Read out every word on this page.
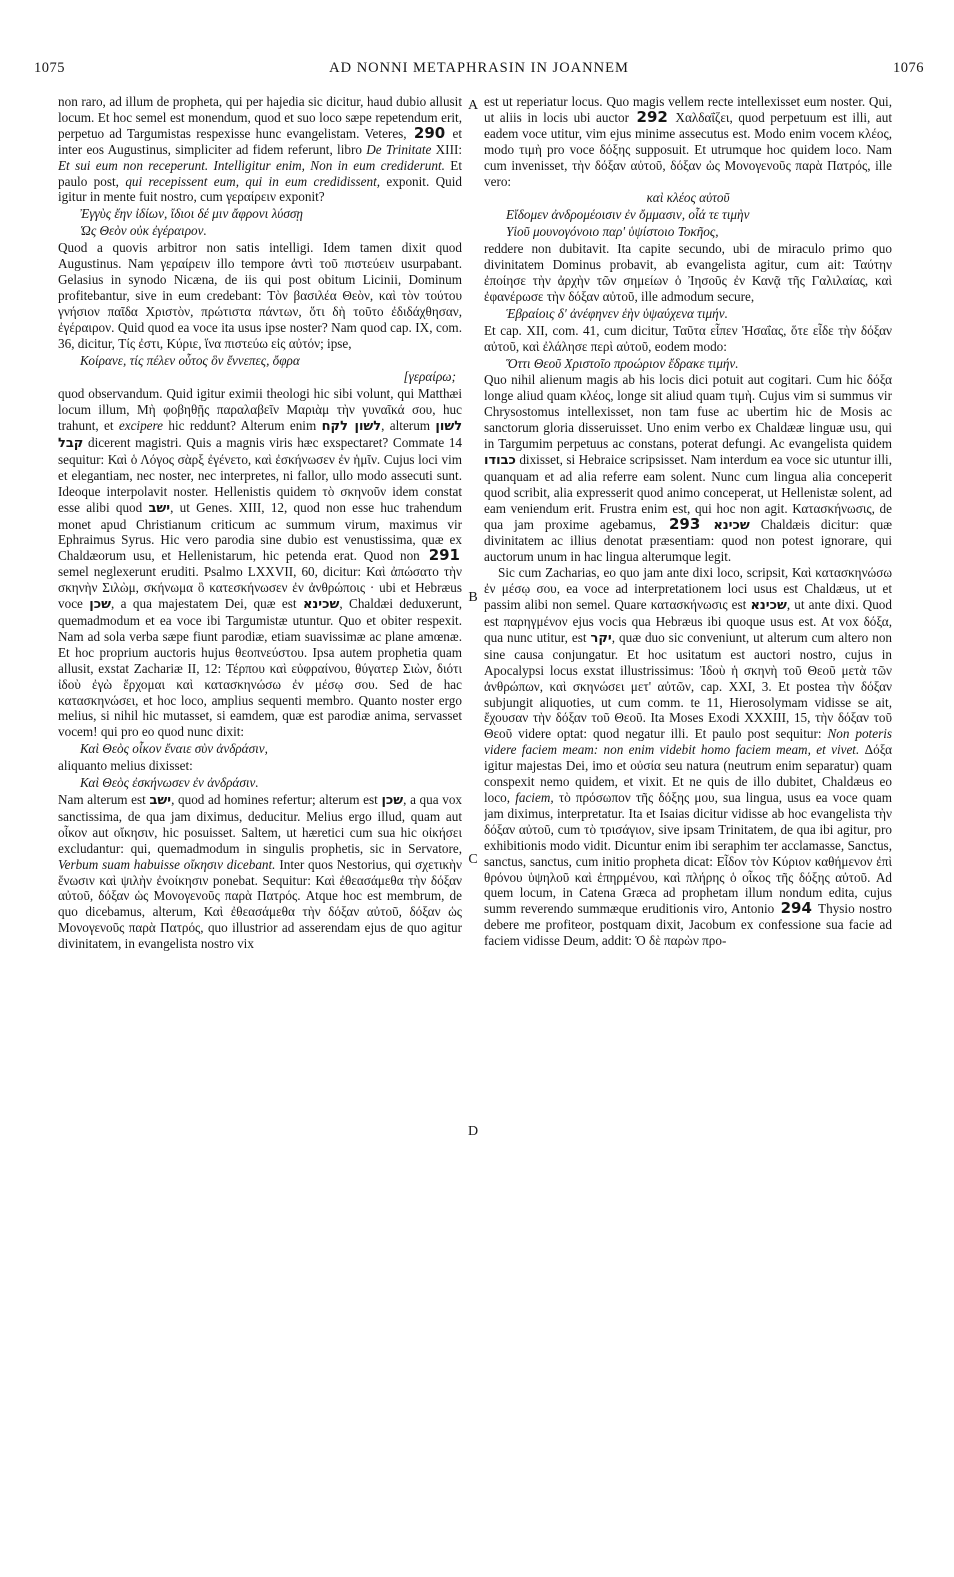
1075	AD NONNI METAPHRASIN IN JOANNEM	1076
A
B
C
D

non raro, ad illum de propheta, qui per hajedia sic dicitur, haud dubio allusit locum. Et hoc semel est monendum, quod et suo loco sæpe repetendum erit, perpetuo ad Targumistas respexisse hunc evangelistam. Veteres, 290 et inter eos Augustinus, simpliciter ad fidem referunt, libro De Trinitate XIII: Et sui eum non receperunt. Intelligitur enim, Non in eum crediderunt. Et paulo post, qui recepissent eum, qui in eum credidissent, exponit. Quid igitur in mente fuit nostro, cum γεραίρειν exponit?

Ἐγγὺς ἔην ἰδίων, ἴδιοι δέ μιν ἄφρονι λύσσῃ
Ὡς Θεὸν οὐκ ἐγέραιρον.

Quod a quovis arbitror non satis intelligi. Idem tamen dixit quod Augustinus. Nam γεραίρειν illo tempore ἀντὶ τοῦ πιστεύειν usurpabant. Gelasius in synodo Nicæna, de iis qui post obitum Licinii, Dominum profitebantur, sive in eum credebant: Τὸν βασιλέα Θεὸν, καὶ τὸν τούτου γνήσιον παῖδα Χριστὸν, πρώτιστα πάντων, ὅτι δὴ τοῦτο ἐδιδάχθησαν, ἐγέραιρον. Quid quod ea voce ita usus ipse noster? Nam quod cap. IX, com. 36, dicitur, Τίς ἐστι, Κύριε, ἵνα πιστεύω εἰς αὐτόν; ipse,

Κοίρανε, τίς πέλεν οὗτος ὃν ἔννεπες, ὄφρα
[γεραίρω;

quod observandum. Quid igitur eximii theologi hic sibi volunt, qui Matthæi locum illum, Μὴ φοβηθῇς παραλαβεῖν Μαριὰμ τὴν γυναῖκά σου, huc trahunt, et excipere hic reddunt? Alterum enim לשון לקח, alterum לשון קבל dicerent magistri. Quis a magnis viris hæc exspectaret? Commate 14 sequitur: Καὶ ὁ Λόγος σὰρξ ἐγένετο, καὶ ἐσκήνωσεν ἐν ἡμῖν. Cujus loci vim et elegantiam, nec noster, nec interpretes, ni fallor, ullo modo assecuti sunt. Ideoque interpolavit noster. Hellenistis quidem τὸ σκηνοῦν idem constat esse alibi quod ישב, ut Genes. XIII, 12, quod non esse huc trahendum monet apud Christianum criticum ac summum virum, maximus vir Ephraimus Syrus. Hic vero parodia sine dubio est venustissima, quæ ex Chaldæorum usu, et Hellenistarum, hic petenda erat. Quod non 291 semel neglexerunt eruditi. Psalmo LXXVII, 60, dicitur: Καὶ ἀπώσατο τὴν σκηνὴν Σιλὼμ, σκήνωμα ὃ κατεσκήνωσεν ἐν ἀνθρώποις · ubi et Hebræus voce שכן, a qua majestatem Dei, quæ est שכינא, Chaldæi deduxerunt, quemadmodum et ea voce ibi Targumistæ utuntur. Quo et obiter respexit. Nam ad sola verba sæpe fiunt parodiæ, etiam suavissimæ ac plane amœnæ. Et hoc proprium auctoris hujus θεοπνεύστου. Ipsa autem prophetia quam allusit, exstat Zachariæ II, 12: Τέρπου καὶ εὐφραίνου, θύγατερ Σιὼν, διότι ἰδοὺ ἐγὼ ἔρχομαι καὶ κατασκηνώσω ἐν μέσῳ σου. Sed de hac κατασκηνώσει, et hoc loco, amplius sequenti membro. Quanto noster ergo melius, si nihil hic mutasset, si eamdem, quæ est parodiæ anima, servasset vocem! qui pro eo quod nunc dixit:

Καὶ Θεὸς οἶκον ἔναιε σὺν ἀνδράσιν,

aliquanto melius dixisset:

Καὶ Θεὸς ἐσκήνωσεν ἐν ἀνδράσιν.

Nam alterum est ישב, quod ad homines refertur; alterum est שכן, a qua vox sanctissima, de qua jam diximus, deducitur. Melius ergo illud, quam aut οἶκον aut οἴκησιν, hic posuisset. Saltem, ut hæretici cum sua hic οἰκήσει excludantur: qui, quemadmodum in singulis prophetis, sic in Servatore, Verbum suam habuisse οἴκησιν dicebant. Inter quos Nestorius, qui σχετικὴν ἕνωσιν καὶ ψιλὴν ἐνοίκησιν ponebat. Sequitur: Καὶ ἐθεασάμεθα τὴν δόξαν αὐτοῦ, δόξαν ὡς Μονογενοῦς παρὰ Πατρός. Atque hoc est membrum, de quo dicebamus, alterum, Καὶ ἐθεασάμεθα τὴν δόξαν αὐτοῦ, δόξαν ὡς Μονογενοῦς παρὰ Πατρός, quo illustrior ad asserendam ejus de quo agitur divinitatem, in evangelista nostro vix

est ut reperiatur locus. Quo magis vellem recte intellexisset eum noster. Qui, ut aliis in locis ubi auctor 292 Χαλδαΐζει, quod perpetuum est illi, aut eadem voce utitur, vim ejus minime assecutus est. Modo enim vocem κλέος, modo τιμὴ pro voce δόξης supposuit. Et utrumque hoc quidem loco. Nam cum invenisset, τὴν δόξαν αὐτοῦ, δόξαν ὡς Μονογενοῦς παρὰ Πατρός, ille vero:

καὶ κλέος αὐτοῦ
Εἴδομεν ἀνδρομέοισιν ἐν ὄμμασιν, οἷά τε τιμὴν
Υἱοῦ μουνογόνοιο παρ' ὑψίστοιο Τοκῆος,

reddere non dubitavit. Ita capite secundo, ubi de miraculo primo quo divinitatem Dominus probavit, ab evangelista agitur, cum ait: Ταύτην ἐποίησε τὴν ἀρχὴν τῶν σημείων ὁ Ἰησοῦς ἐν Κανᾷ τῆς Γαλιλαίας, καὶ ἐφανέρωσε τὴν δόξαν αὐτοῦ, ille admodum secure,

Ἑβραίοις δ' ἀνέφηνεν ἑὴν ὑψαύχενα τιμήν.

Et cap. XII, com. 41, cum dicitur, Ταῦτα εἶπεν Ἡσαΐας, ὅτε εἶδε τὴν δόξαν αὐτοῦ, καὶ ἐλάλησε περὶ αὐτοῦ, eodem modo:

Ὅττι Θεοῦ Χριστοῖο προώριον ἔδρακε τιμήν.

Quo nihil alienum magis ab his locis dici potuit aut cogitari. Cum hic δόξα longe aliud quam κλέος, longe sit aliud quam τιμὴ. Cujus vim si summus vir Chrysostomus intellexisset, non tam fuse ac ubertim hic de Mosis ac sanctorum gloria disseruisset. Uno enim verbo ex Chaldææ linguæ usu, qui in Targumim perpetuus ac constans, poterat defungi. Ac evangelista quidem כבודו dixisset, si Hebraice scripsisset. Nam interdum ea voce sic utuntur illi, quanquam et ad alia referre eam solent. Nunc cum lingua alia conceperit quod scribit, alia expresserit quod animo conceperat, ut Hellenistæ solent, ad eam veniendum erit. Frustra enim est, qui hoc non agit. Κατασκήνωσις, de qua jam proxime agebamus, 293 שכינא Chaldæis dicitur: quæ divinitatem ac illius denotat præsentiam: quod non potest ignorare, qui auctorum unum in hac lingua alterumque legit.

Sic cum Zacharias, eo quo jam ante dixi loco, scripsit, Καὶ κατασκηνώσω ἐν μέσῳ σου, ea voce ad interpretationem loci usus est Chaldæus, ut et passim alibi non semel. Quare κατασκήνωσις est שכינא, ut ante dixi. Quod est παρηγμένον ejus vocis qua Hebræus ibi quoque usus est. At vox δόξα, qua nunc utitur, est יקר, quæ duo sic conveniunt, ut alterum cum altero non sine causa conjungatur. Et hoc usitatum est auctori nostro, cujus in Apocalypsi locus exstat illustrissimus: Ἰδοὺ ἡ σκηνὴ τοῦ Θεοῦ μετὰ τῶν ἀνθρώπων, καὶ σκηνώσει μετ' αὐτῶν, cap. XXI, 3. Et postea τὴν δόξαν subjungit aliquoties, ut cum comm. te 11, Hierosolymam vidisse se ait, ἔχουσαν τὴν δόξαν τοῦ Θεοῦ. Ita Moses Exodi XXXIII, 15, τὴν δόξαν τοῦ Θεοῦ videre optat: quod negatur illi. Et paulo post sequitur: Non poteris videre faciem meam: non enim videbit homo faciem meam, et vivet. Δόξα igitur majestas Dei, imo et οὐσία seu natura (neutrum enim separatur) quam conspexit nemo quidem, et vixit. Et ne quis de illo dubitet, Chaldæus eo loco, faciem, τὸ πρόσωπον τῆς δόξης μου, sua lingua, usus ea voce quam jam diximus, interpretatur. Ita et Isaias dicitur vidisse ab hoc evangelista τὴν δόξαν αὐτοῦ, cum τὸ τρισάγιον, sive ipsam Trinitatem, de qua ibi agitur, pro exhibitionis modo vidit. Dicuntur enim ibi seraphim ter acclamasse, Sanctus, sanctus, sanctus, cum initio propheta dicat: Εἶδον τὸν Κύριον καθήμενον ἐπὶ θρόνου ὑψηλοῦ καὶ ἐπηρμένου, καὶ πλήρης ὁ οἶκος τῆς δόξης αὐτοῦ. Ad quem locum, in Catena Græca ad prophetam illum nondum edita, cujus summ reverendo summæque eruditionis viro, Antonio 294 Thysio nostro debere me profiteor, postquam dixit, Jacobum ex confessione sua facie ad faciem vidisse Deum, addit: Ὁ δὲ παρὼν προ-
